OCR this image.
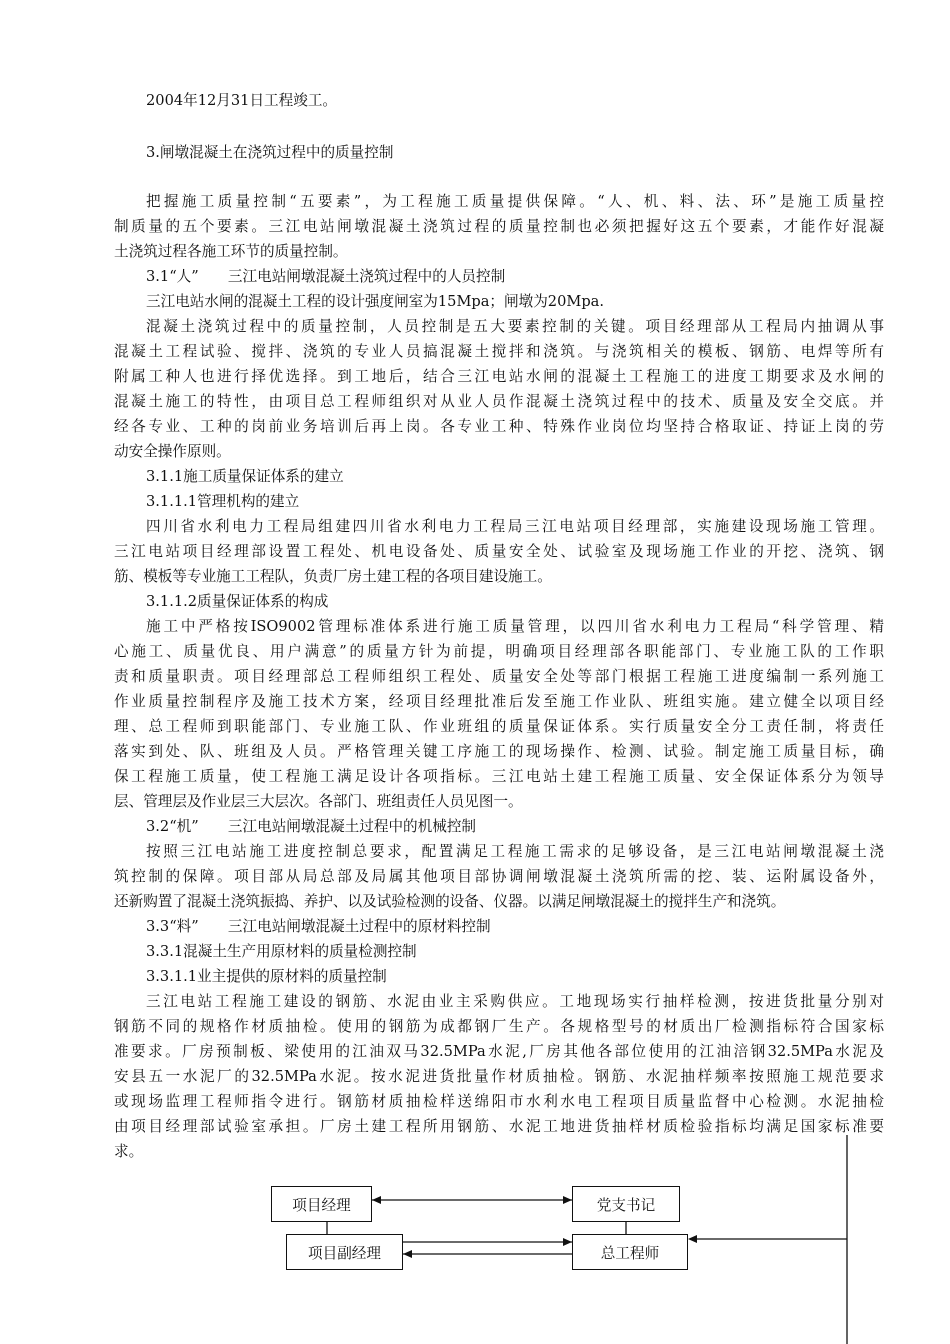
2004年12月31日工程竣工。
3.闸墩混凝土在浇筑过程中的质量控制
把握施工质量控制“五要素”，为工程施工质量提供保障。“人、机、料、法、环”是施工质量控
制质量的五个要素。三江电站闸墩混凝土浇筑过程的质量控制也必须把握好这五个要素，才能作好混凝
土浇筑过程各施工环节的质量控制。
3.1“人”　　三江电站闸墩混凝土浇筑过程中的人员控制
三江电站水闸的混凝土工程的设计强度闸室为15Mpa；闸墩为20Mpa.
混凝土浇筑过程中的质量控制，人员控制是五大要素控制的关键。项目经理部从工程局内抽调从事
混凝土工程试验、搅拌、浇筑的专业人员搞混凝土搅拌和浇筑。与浇筑相关的模板、钢筋、电焊等所有
附属工种人也进行择优选择。到工地后，结合三江电站水闸的混凝土工程施工的进度工期要求及水闸的
混凝土施工的特性，由项目总工程师组织对从业人员作混凝土浇筑过程中的技术、质量及安全交底。并
经各专业、工种的岗前业务培训后再上岗。各专业工种、特殊作业岗位均坚持合格取证、持证上岗的劳
动安全操作原则。
3.1.1施工质量保证体系的建立
3.1.1.1管理机构的建立
四川省水利电力工程局组建四川省水利电力工程局三江电站项目经理部，实施建设现场施工管理。
三江电站项目经理部设置工程处、机电设备处、质量安全处、试验室及现场施工作业的开挖、浇筑、钢
筋、模板等专业施工工程队，负责厂房土建工程的各项目建设施工。
3.1.1.2质量保证体系的构成
施工中严格按ISO9002管理标准体系进行施工质量管理，以四川省水利电力工程局“科学管理、精
心施工、质量优良、用户满意”的质量方针为前提，明确项目经理部各职能部门、专业施工队的工作职
责和质量职责。项目经理部总工程师组织工程处、质量安全处等部门根据工程施工进度编制一系列施工
作业质量控制程序及施工技术方案，经项目经理批准后发至施工作业队、班组实施。建立健全以项目经
理、总工程师到职能部门、专业施工队、作业班组的质量保证体系。实行质量安全分工责任制，将责任
落实到处、队、班组及人员。严格管理关键工序施工的现场操作、检测、试验。制定施工质量目标，确
保工程施工质量，使工程施工满足设计各项指标。三江电站土建工程施工质量、安全保证体系分为领导
层、管理层及作业层三大层次。各部门、班组责任人员见图一。
3.2“机”　　三江电站闸墩混凝土过程中的机械控制
按照三江电站施工进度控制总要求，配置满足工程施工需求的足够设备，是三江电站闸墩混凝土浇
筑控制的保障。项目部从局总部及局属其他项目部协调闸墩混凝土浇筑所需的挖、装、运附属设备外，
还新购置了混凝土浇筑振捣、养护、以及试验检测的设备、仪器。以满足闸墩混凝土的搅拌生产和浇筑。
3.3“料”　　三江电站闸墩混凝土过程中的原材料控制
3.3.1混凝土生产用原材料的质量检测控制
3.3.1.1业主提供的原材料的质量控制
三江电站工程施工建设的钢筋、水泥由业主采购供应。工地现场实行抽样检测，按进货批量分别对
钢筋不同的规格作材质抽检。使用的钢筋为成都钢厂生产。各规格型号的材质出厂检测指标符合国家标
准要求。厂房预制板、梁使用的江油双马32.5MPa水泥,厂房其他各部位使用的江油涪钢32.5MPa水泥及
安县五一水泥厂的32.5MPa水泥。按水泥进货批量作材质抽检。钢筋、水泥抽样频率按照施工规范要求
或现场监理工程师指令进行。钢筋材质抽检样送绵阳市水利水电工程项目质量监督中心检测。水泥抽检
由项目经理部试验室承担。厂房土建工程所用钢筋、水泥工地进货抽样材质检验指标均满足国家标准要
求。
项目经理	党支书记
项目副经理	总工程师
